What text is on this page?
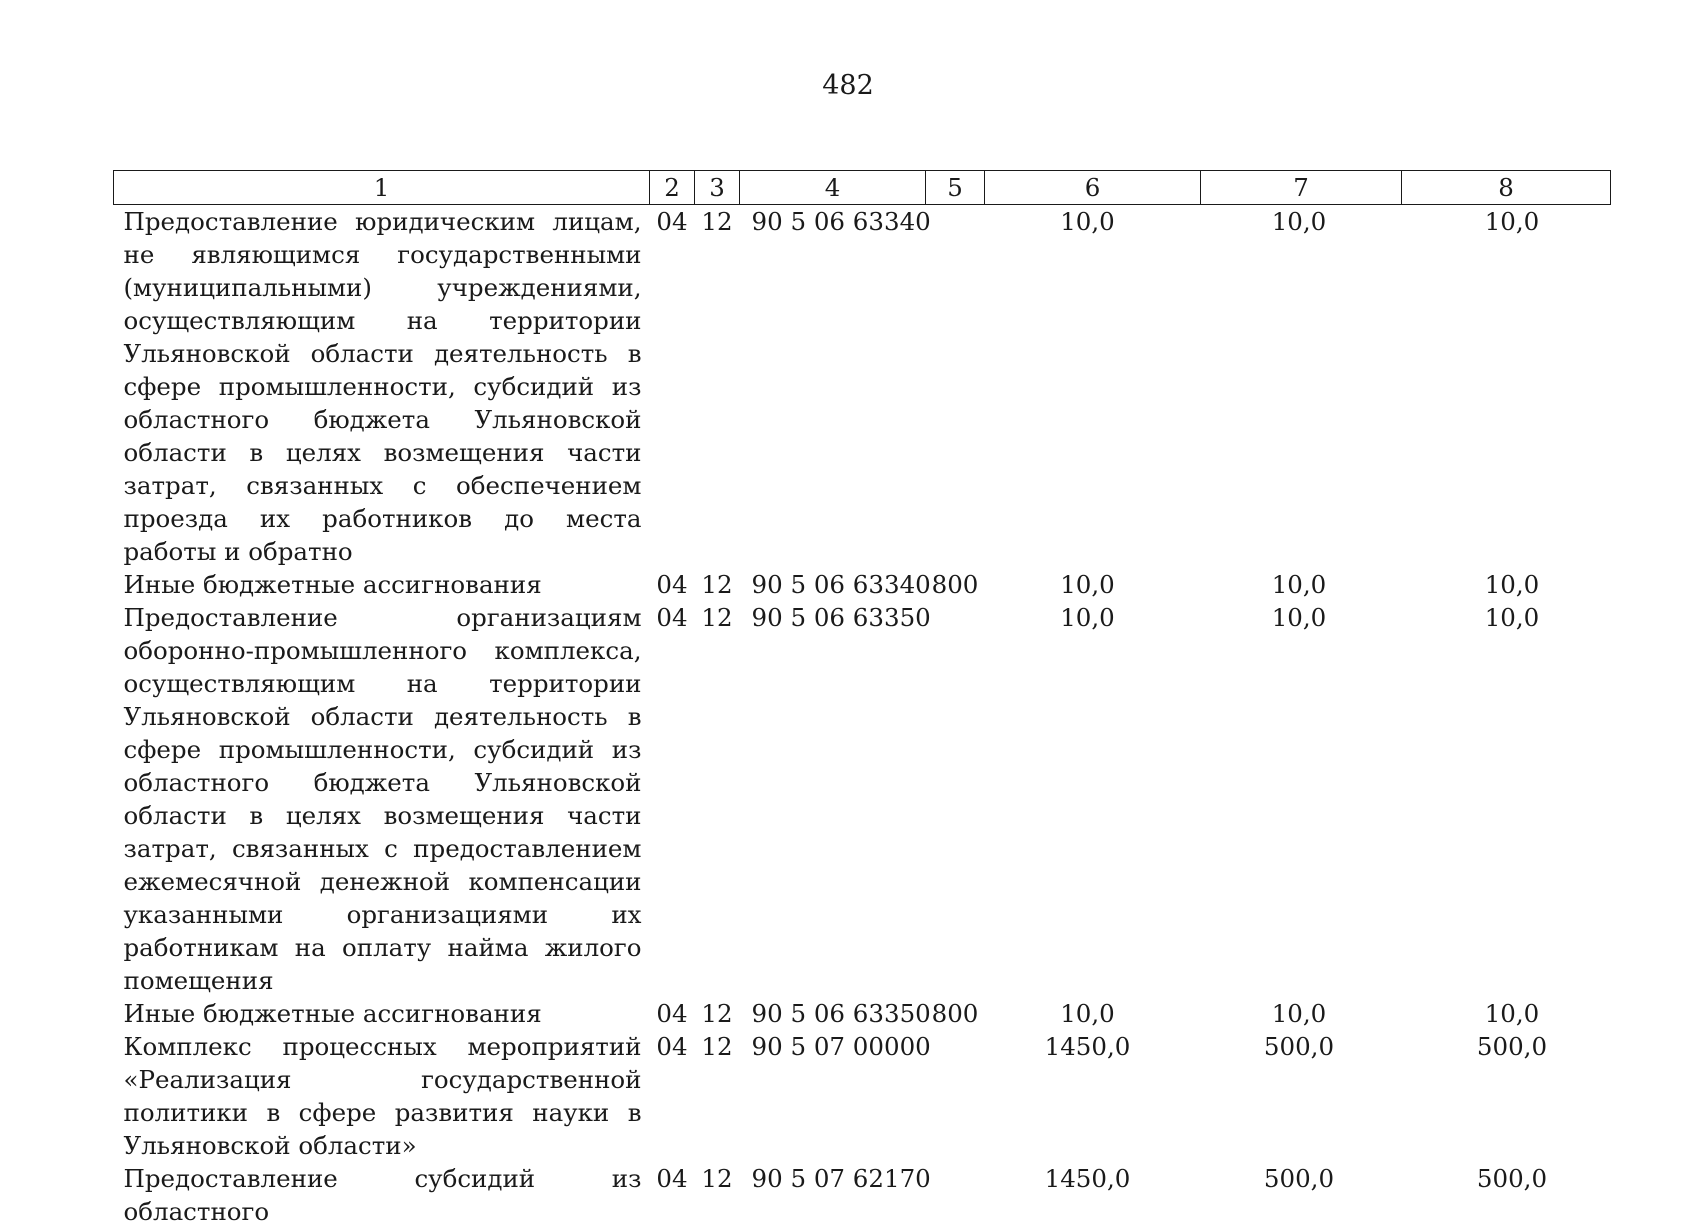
482
1	2	3	4	5	6	7	8
Предоставление юридическим лицам, не являющимся государственными (муниципальными) учреждениями, осуществляющим на территории Ульяновской области деятельность в сфере промышленности, субсидий из областного бюджета Ульяновской области в целях возмещения части затрат, связанных с обеспечением проезда их работников до места работы и обратно	04	12	90 5 06 63340		10,0	10,0	10,0
Иные бюджетные ассигнования	04	12	90 5 06 63340	800	10,0	10,0	10,0
Предоставление организациям оборонно-промышленного комплекса, осуществляющим на территории Ульяновской области деятельность в сфере промышленности, субсидий из областного бюджета Ульяновской области в целях возмещения части затрат, связанных с предоставлением ежемесячной денежной компенсации указанными организациями их работникам на оплату найма жилого помещения	04	12	90 5 06 63350		10,0	10,0	10,0
Иные бюджетные ассигнования	04	12	90 5 06 63350	800	10,0	10,0	10,0
Комплекс процессных мероприятий «Реализация государственной политики в сфере развития науки в Ульяновской области»	04	12	90 5 07 00000		1450,0	500,0	500,0
Предоставление субсидий из областного	04	12	90 5 07 62170		1450,0	500,0	500,0
